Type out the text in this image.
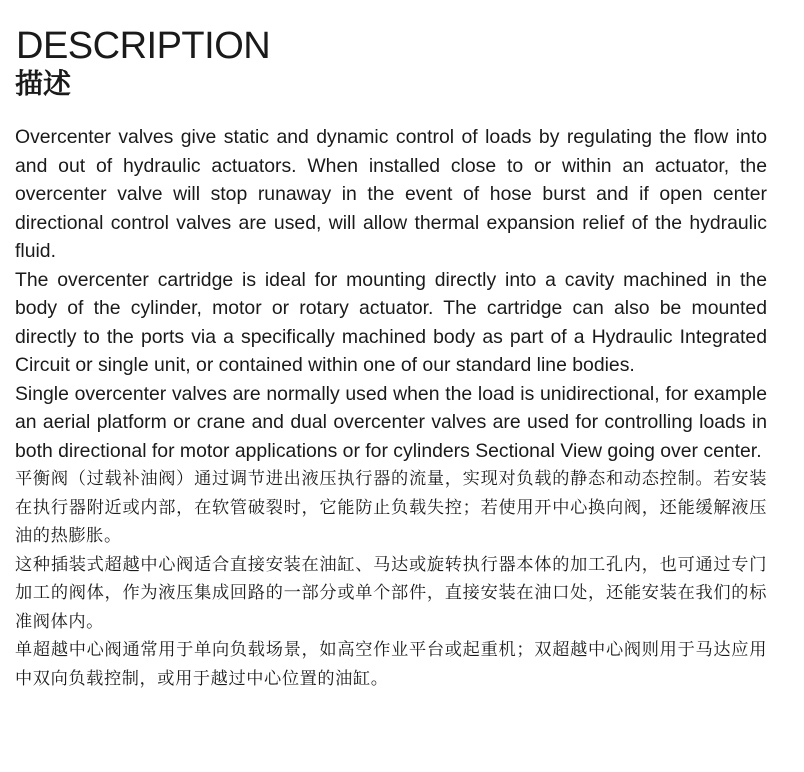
DESCRIPTION
描述

Overcenter valves give static and dynamic control of loads by regulating the flow into and out of hydraulic actuators. When installed close to or within an actuator, the overcenter valve will stop runaway in the event of hose burst and if open center directional control valves are used, will allow thermal expansion relief of the hydraulic fluid.

The overcenter cartridge is ideal for mounting directly into a cavity machined in the body of the cylinder, motor or rotary actuator. The cartridge can also be mounted directly to the ports via a specifically machined body as part of a Hydraulic Integrated Circuit or single unit, or contained within one of our standard line bodies.

Single overcenter valves are normally used when the load is unidirectional, for example an aerial platform or crane and dual overcenter valves are used for controlling loads in both directional for motor applications or for cylinders Sectional View going over center.

平衡阀（过载补油阀）通过调节进出液压执行器的流量，实现对负载的静态和动态控制。若安装在执行器附近或内部，在软管破裂时，它能防止负载失控；若使用开中心换向阀，还能缓解液压油的热膨胀。

这种插装式超越中心阀适合直接安装在油缸、马达或旋转执行器本体的加工孔内，也可通过专门加工的阀体，作为液压集成回路的一部分或单个部件，直接安装在油口处，还能安装在我们的标准阀体内。

单超越中心阀通常用于单向负载场景，如高空作业平台或起重机；双超越中心阀则用于马达应用中双向负载控制，或用于越过中心位置的油缸。
